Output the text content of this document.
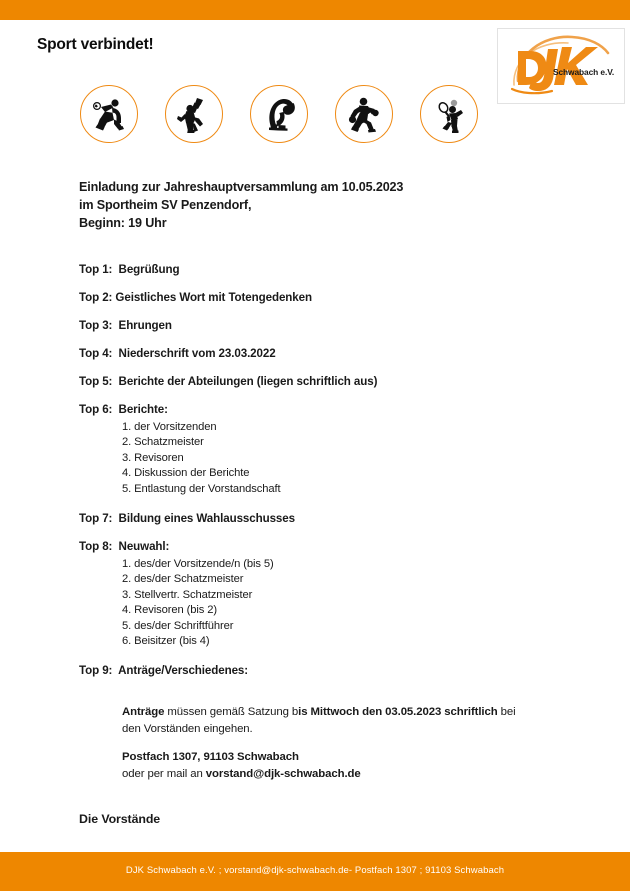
Sport verbindet!
Schwabach e.V.
Einladung zur Jahreshauptversammlung am 10.05.2023
im Sportheim SV Penzendorf,
Beginn: 19 Uhr
Top 1:  Begrüßung
Top 2: Geistliches Wort mit Totengedenken
Top 3:  Ehrungen
Top 4:  Niederschrift vom 23.03.2022
Top 5:  Berichte der Abteilungen (liegen schriftlich aus)
Top 6:  Berichte:
1. der Vorsitzenden
2. Schatzmeister
3. Revisoren
4. Diskussion der Berichte
5. Entlastung der Vorstandschaft
Top 7:  Bildung eines Wahlausschusses
Top 8:  Neuwahl:
1. des/der Vorsitzende/n (bis 5)
2. des/der Schatzmeister
3. Stellvertr. Schatzmeister
4. Revisoren (bis 2)
5. des/der Schriftführer
6. Beisitzer (bis 4)
Top 9:  Anträge/Verschiedenes:
Anträge müssen gemäß Satzung bis Mittwoch den 03.05.2023 schriftlich bei den Vorständen eingehen.
Postfach 1307, 91103 Schwabach
oder per mail an vorstand@djk-schwabach.de
Die Vorstände
DJK Schwabach e.V. ; vorstand@djk-schwabach.de- Postfach 1307 ; 91103 Schwabach
